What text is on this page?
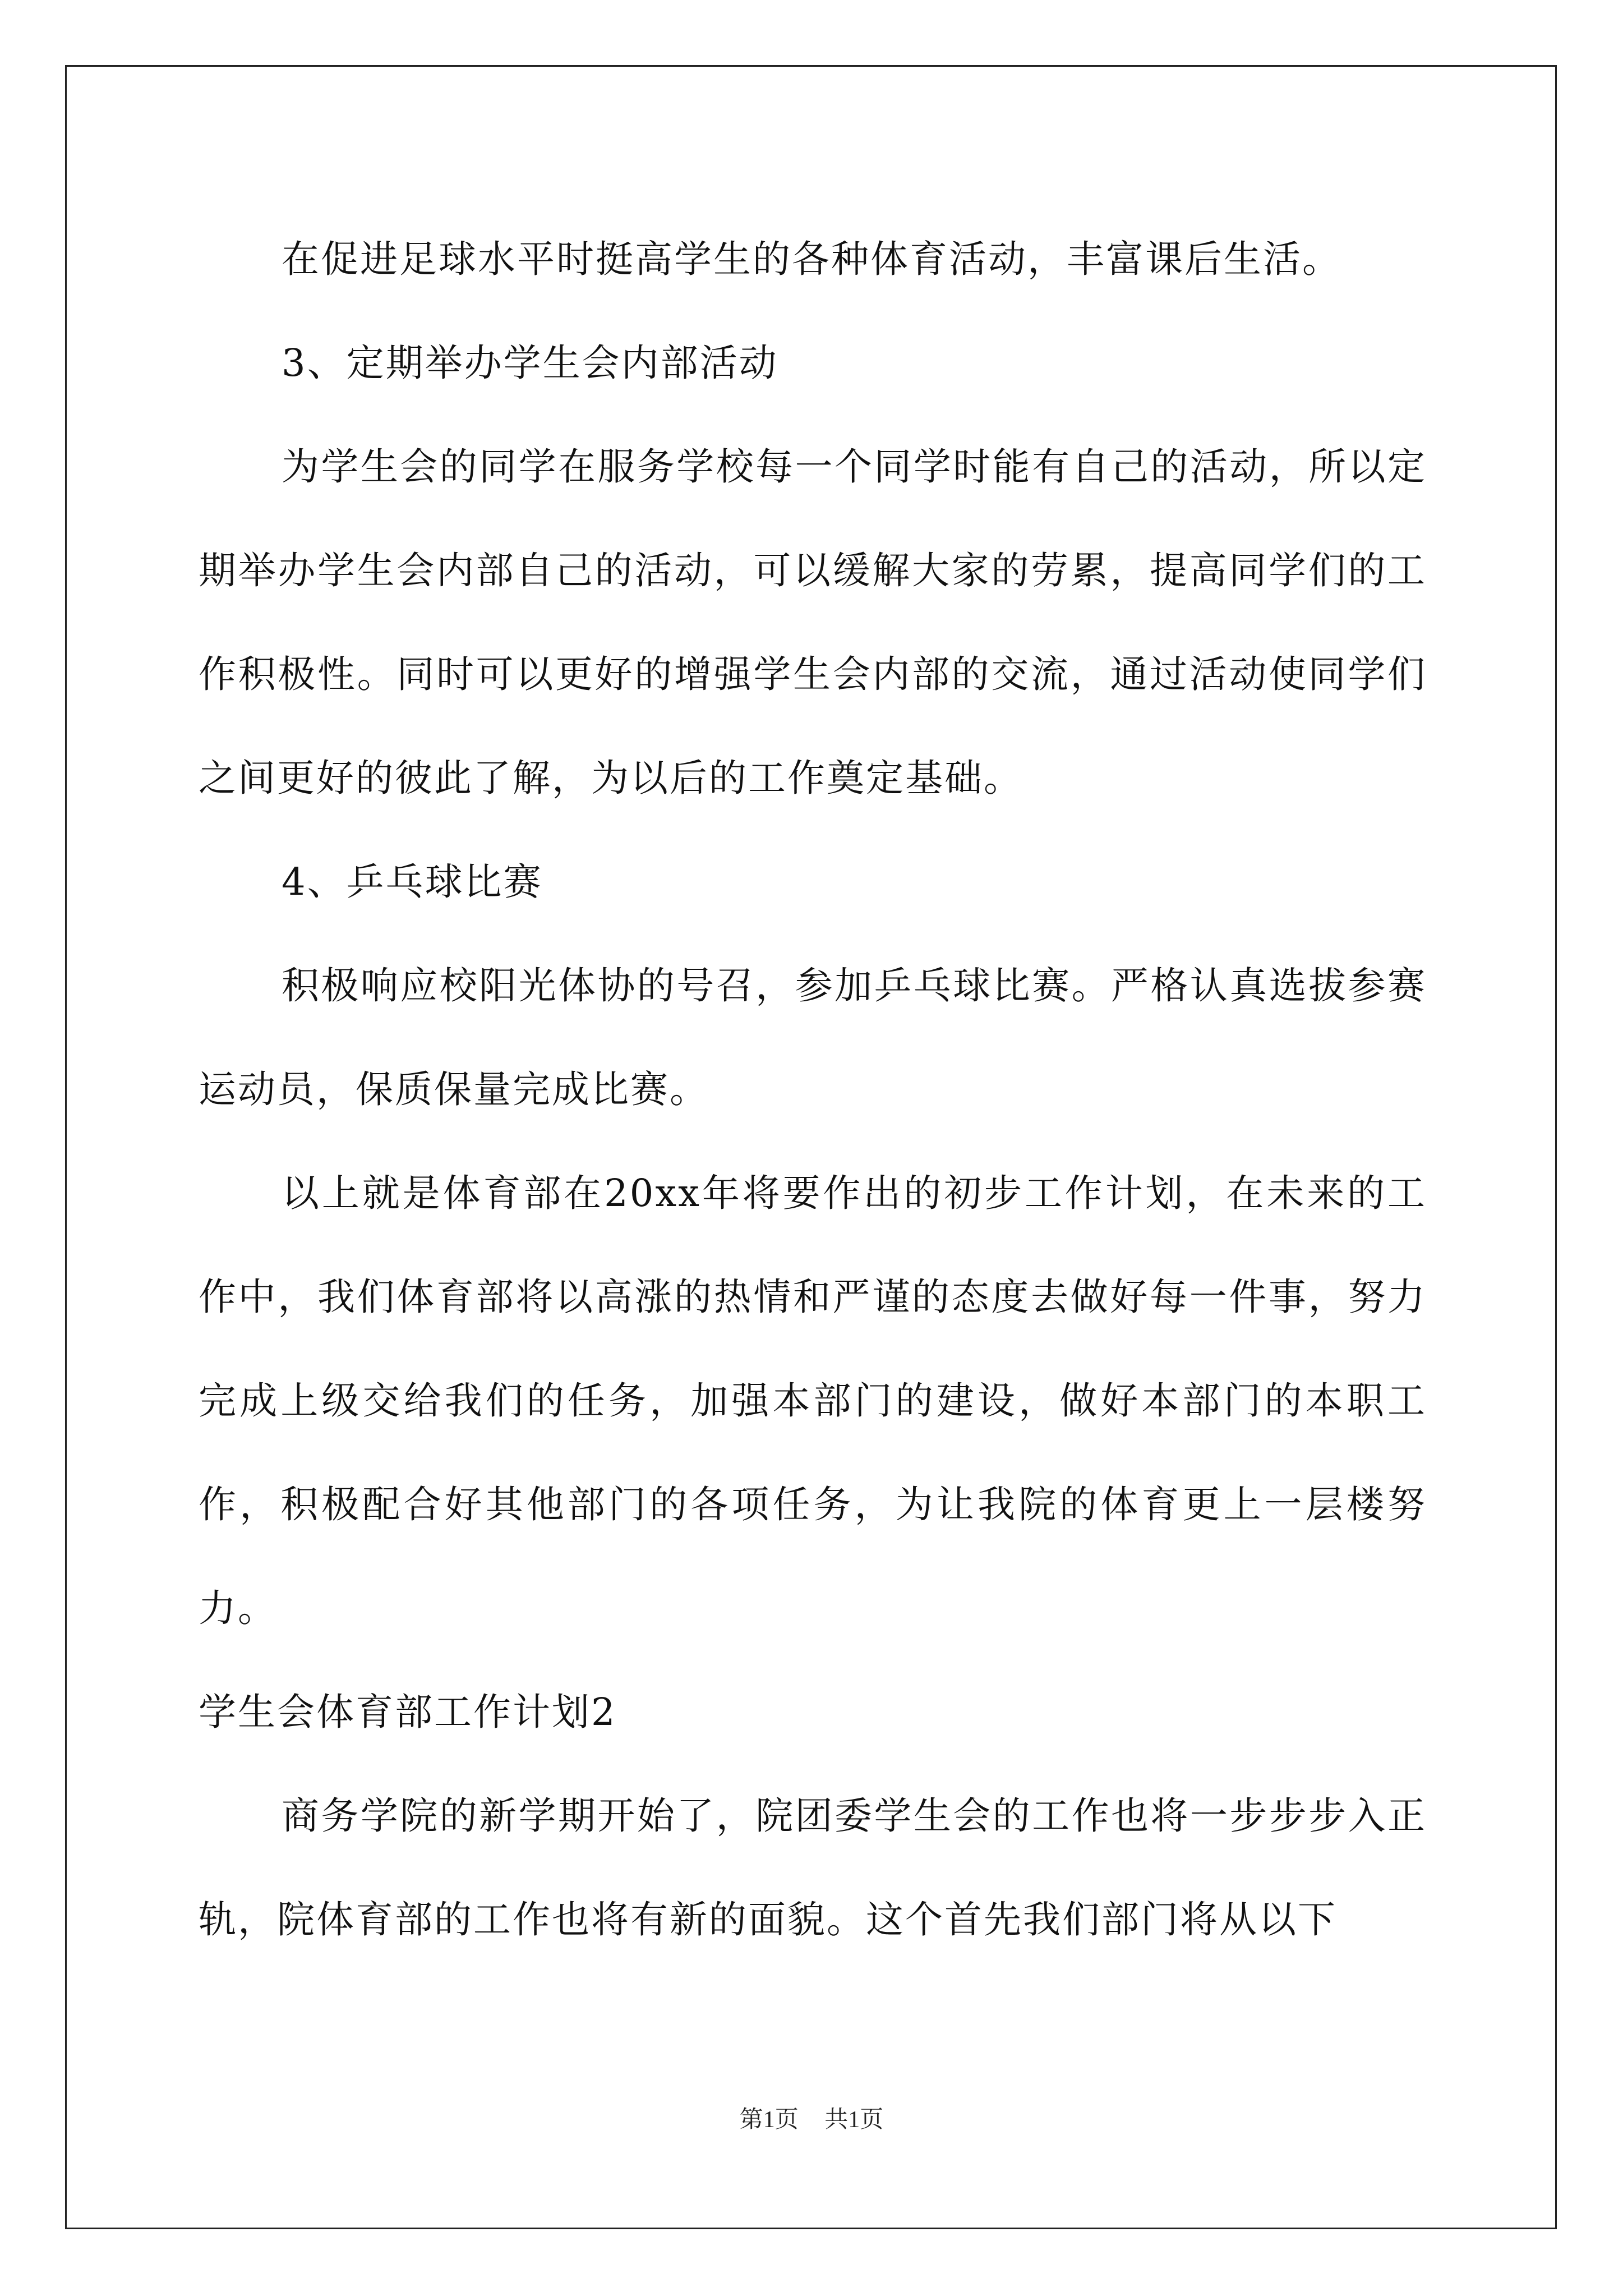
在促进足球水平时挺高学生的各种体育活动，丰富课后生活。

3、定期举办学生会内部活动

为学生会的同学在服务学校每一个同学时能有自己的活动，所以定期举办学生会内部自己的活动，可以缓解大家的劳累，提高同学们的工作积极性。同时可以更好的增强学生会内部的交流，通过活动使同学们之间更好的彼此了解，为以后的工作奠定基础。

4、乒乓球比赛

积极响应校阳光体协的号召，参加乒乓球比赛。严格认真选拔参赛运动员，保质保量完成比赛。

以上就是体育部在20xx年将要作出的初步工作计划，在未来的工作中，我们体育部将以高涨的热情和严谨的态度去做好每一件事，努力完成上级交给我们的任务，加强本部门的建设，做好本部门的本职工作，积极配合好其他部门的各项任务，为让我院的体育更上一层楼努力。

学生会体育部工作计划2

商务学院的新学期开始了，院团委学生会的工作也将一步步步入正轨，院体育部的工作也将有新的面貌。这个首先我们部门将从以下

第1页 共1页
